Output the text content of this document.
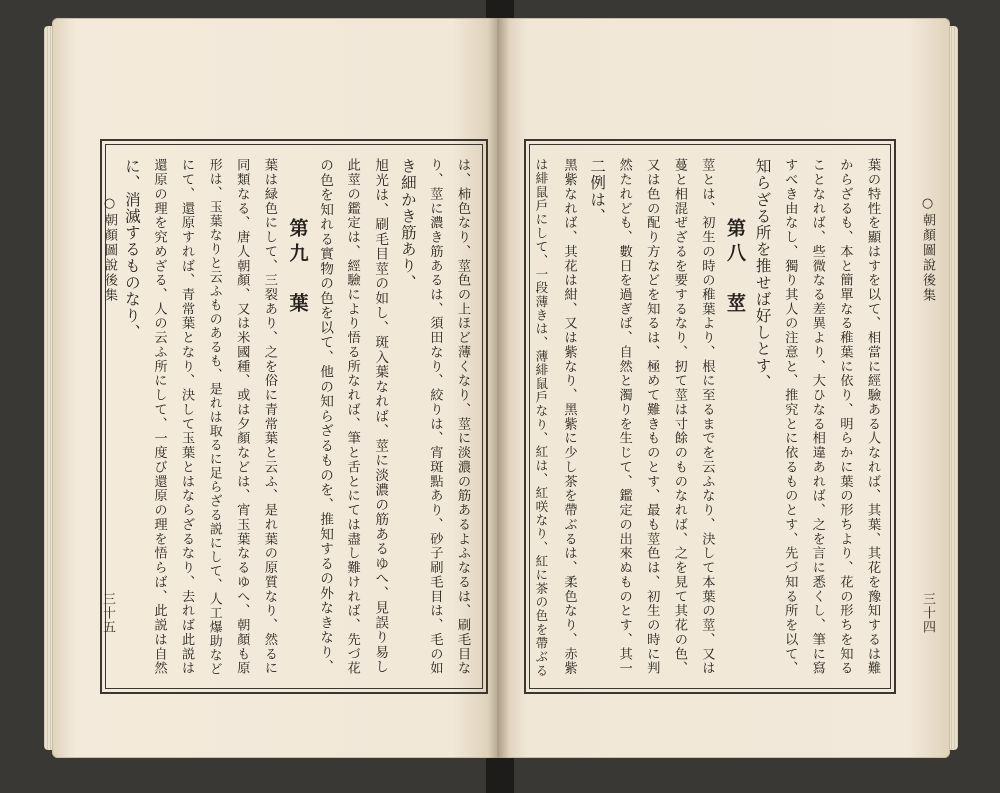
○朝顏圖說後集
三十五	は、柿色なり、莖色の上ほど薄くなり、莖に淡濃の筋あるよふなるは、刷毛目な
り、莖に濃き筋あるは、須田なり、絞りは、宵斑點あり、砂子刷毛目は、毛の如
き細かき筋あり、
旭光は、刷毛目莖の如し、斑入葉なれば、莖に淡濃の筋あるゆへ、見誤り易し
此莖の鑑定は、經驗により悟る所なれば、筆と舌とにては盡し難ければ、先づ花
の色を知れる實物の色を以て、他の知らざるものを、推知するの外なきなり、
第九　葉
葉は緑色にして、三裂あり、之を俗に青常葉と云ふ、是れ葉の原質なり、然るに
同類なる、唐人朝顏、又は米國種、或は夕顏などは、宵玉葉なるゆへ、朝顏も原
形は、玉葉なりと云ふものあるも、是れは取るに足らざる説にして、人工爆助など
にて、還原すれば、青常葉となり、決して玉葉とはならざるなり、去れば此説は
還原の理を究めざる、人の云ふ所にして、一度び還原の理を悟らば、此説は自然
に、消滅するものなり、	○朝顏圖說後集
三十四
葉の特性を顯はすを以て、相當に經驗ある人なれば、其葉、其花を豫知するは難
からざるも、本と簡單なる稚葉に依り、明らかに葉の形ちより、花の形ちを知る
ことなれば、些微なる差異より、大ひなる相違あれば、之を言に悉くし、筆に寫
すべき由なし、獨り其人の注意と、推究とに依るものとす、先づ知る所を以て、
知らざる所を推せば好しとす、
第八　莖
莖とは、初生の時の稚葉より、根に至るまでを云ふなり、決して本葉の莖、又は
蔓と相混ぜざるを要するなり、扨て莖は寸餘のものなれば、之を見て其花の色、
又は色の配り方などを知るは、極めて難きものとす、最も莖色は、初生の時に判
然たれども、數日を過ぎば、自然と濁りを生じて、鑑定の出來ぬものとす、其一
二例は、
黑紫なれば、其花は紺、又は紫なり、黑紫に少し茶を帶ぶるは、柔色なり、赤紫
は緋鼠戶にして、一段薄きは、薄緋鼠戶なり、紅は、紅咲なり、紅に茶の色を帶ぶる
